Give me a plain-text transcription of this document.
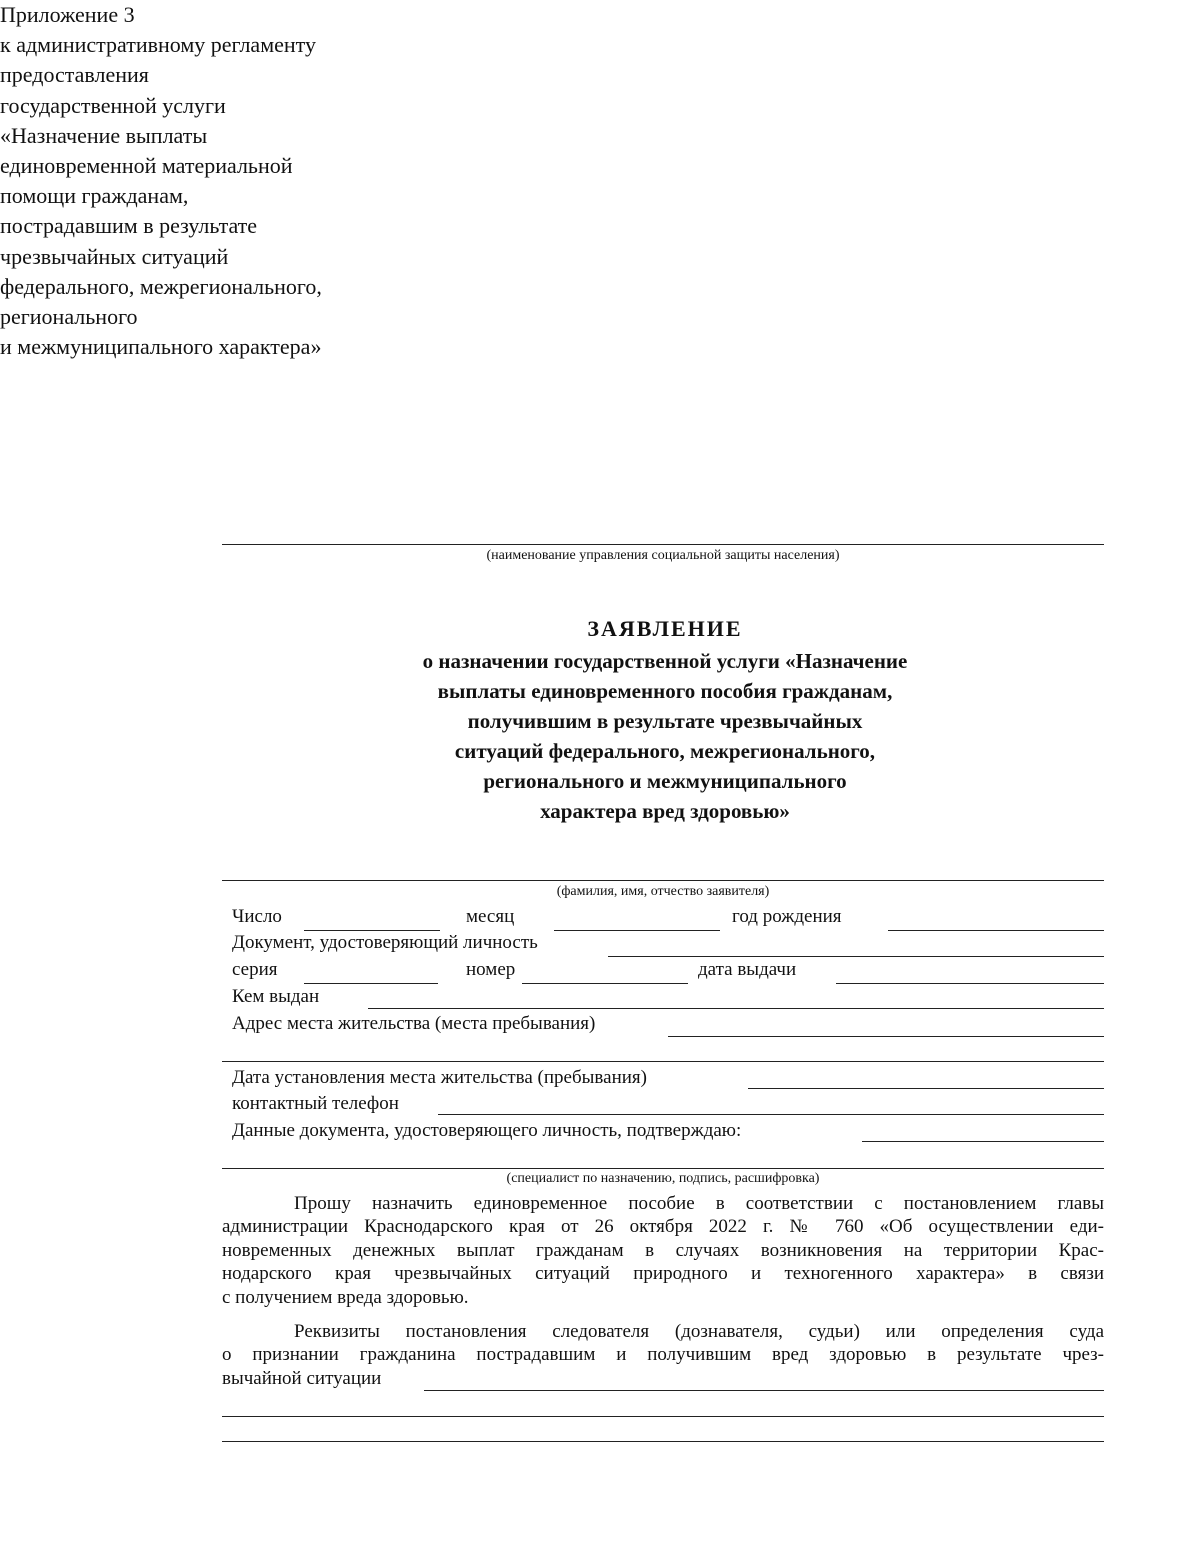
Приложение 3
к административному регламенту
предоставления
государственной услуги
«Назначение выплаты
единовременной материальной
помощи гражданам,
пострадавшим в результате
чрезвычайных ситуаций
федерального, межрегионального,
регионального
и межмуниципального характера»
(наименование управления социальной защиты населения)
ЗАЯВЛЕНИЕ
о назначении государственной услуги «Назначение
выплаты единовременного пособия гражданам,
получившим в результате чрезвычайных
ситуаций федерального, межрегионального,
регионального и межмуниципального
характера вред здоровью»
(фамилия, имя, отчество заявителя)
Число	месяц	год рождения
Документ, удостоверяющий личность
серия	номер	дата выдачи
Кем выдан
Адрес места жительства (места пребывания)
Дата установления места жительства (пребывания)
контактный телефон
Данные документа, удостоверяющего личность, подтверждаю:
(специалист по назначению, подпись, расшифровка)
Прошу назначить единовременное пособие в соответствии с постановлением главы
администрации Краснодарского края от 26 октября 2022 г. № 760 «Об осуществлении еди-
новременных денежных выплат гражданам в случаях возникновения на территории Крас-
нодарского края чрезвычайных ситуаций природного и техногенного характера» в связи
с получением вреда здоровью.
Реквизиты постановления следователя (дознавателя, судьи) или определения суда
о признании гражданина пострадавшим и получившим вред здоровью в результате чрез-
вычайной ситуации
